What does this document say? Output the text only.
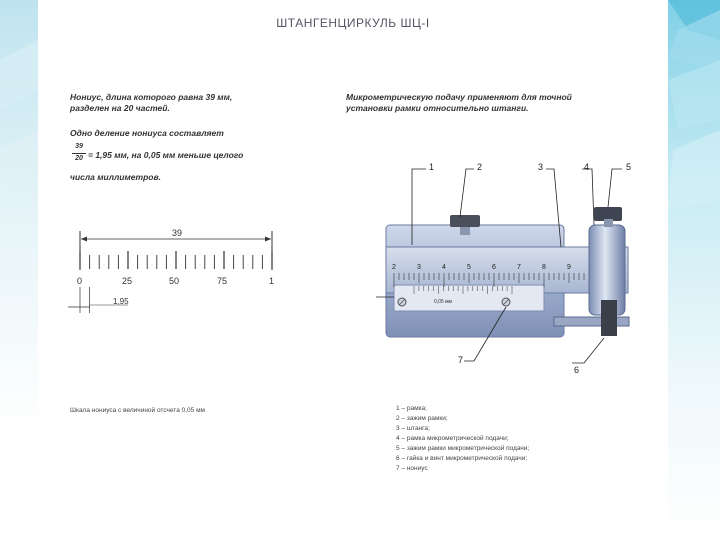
ШТАНГЕНЦИРКУЛЬ ШЦ-I
Нониус, длина которого равна 39 мм,
разделен на 20 частей.
Одно деление нониуса составляет
39
20 = 1,95 мм, на 0,05 мм меньше целого
числа миллиметров.
Микрометрическую подачу применяют для точной
установки рамки относительно штанги.
39
0	25	50	75	1
1,95
2	3	4	5	6	7	8	9
0,05 мм
1	2	3	4	5
6
7
Шкала нониуса с величиной отсчета 0,05 мм	1 – рамка;
2 – зажим рамки;
3 – штанга;
4 – рамка микрометрической подачи;
5 – зажим рамки микрометрической подачи;
6 – гайка и винт микрометрической подачи;
7 – нониус
